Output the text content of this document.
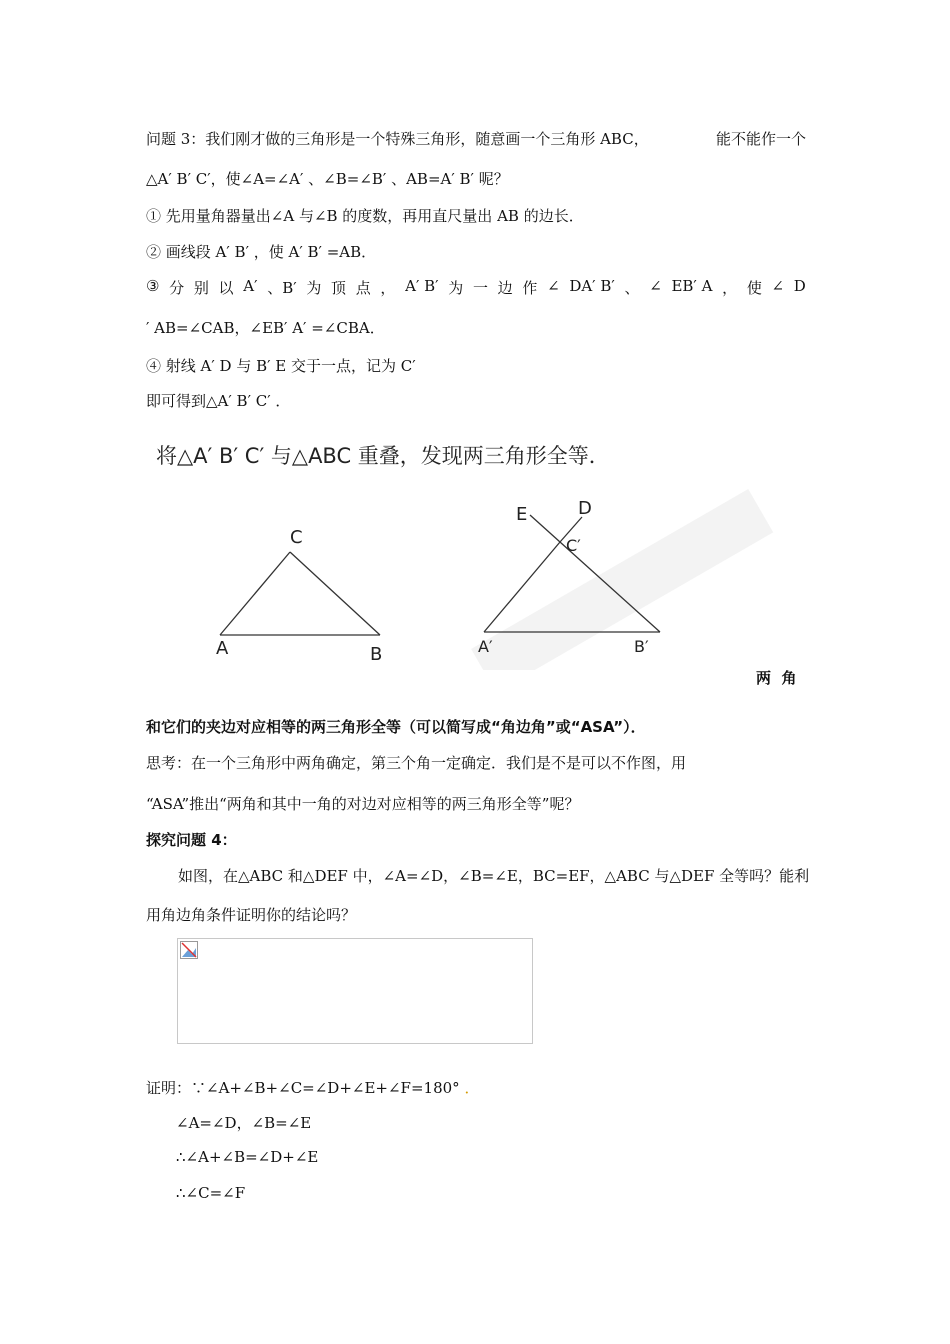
问题 3：我们刚才做的三角形是一个特殊三角形，随意画一个三角形 ABC，	能不能作一个
△A′ B′ C′，使∠A=∠A′ 、∠B=∠B′ 、AB=A′ B′ 呢？
① 先用量角器量出∠A 与∠B 的度数，再用直尺量出 AB 的边长．
② 画线段 A′ B′ ，使 A′ B′ =AB．
③ 分 别 以 A′ 、B′ 为 顶 点 ， A′ B′ 为 一 边 作 ∠ DA′ B′ 、 ∠ EB′ A ， 使 ∠ D
′ AB=∠CAB，∠EB′ A′ =∠CBA．
④ 射线 A′ D 与 B′ E 交于一点，记为 C′
即可得到△A′ B′ C′ ．
将△A′ B′ C′ 与△ABC 重叠，发现两三角形全等．
A	B
C
A′	B′
C′
D
E
两  角
和它们的夹边对应相等的两三角形全等（可以简写成“角边角”或“ASA”）．
思考：在一个三角形中两角确定，第三个角一定确定．我们是不是可以不作图，用
“ASA”推出“两角和其中一角的对边对应相等的两三角形全等”呢？
探究问题 4：
如图，在△ABC 和△DEF 中，∠A=∠D，∠B=∠E，BC=EF，△ABC 与△DEF 全等吗？能利
用角边角条件证明你的结论吗？
证明：∵∠A+∠B+∠C=∠D+∠E+∠F=180° ．
∠A=∠D，∠B=∠E
∴∠A+∠B=∠D+∠E
∴∠C=∠F
